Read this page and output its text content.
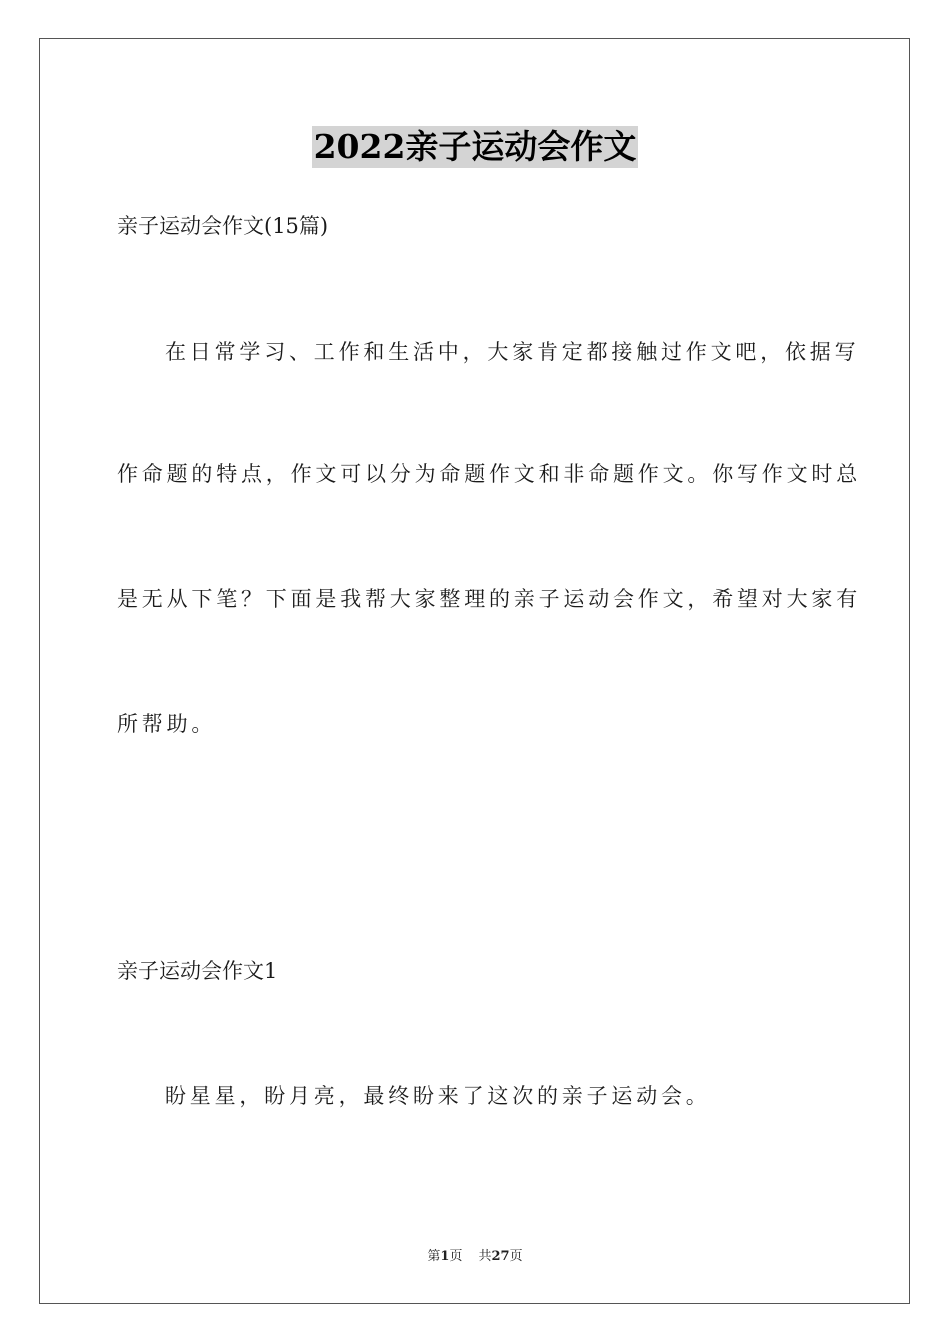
2022亲子运动会作文
亲子运动会作文(15篇)
在日常学习、工作和生活中，大家肯定都接触过作文吧，依据写
作命题的特点，作文可以分为命题作文和非命题作文。你写作文时总
是无从下笔？下面是我帮大家整理的亲子运动会作文，希望对大家有
所帮助。
亲子运动会作文1
盼星星，盼月亮，最终盼来了这次的亲子运动会。
第1页 共27页
